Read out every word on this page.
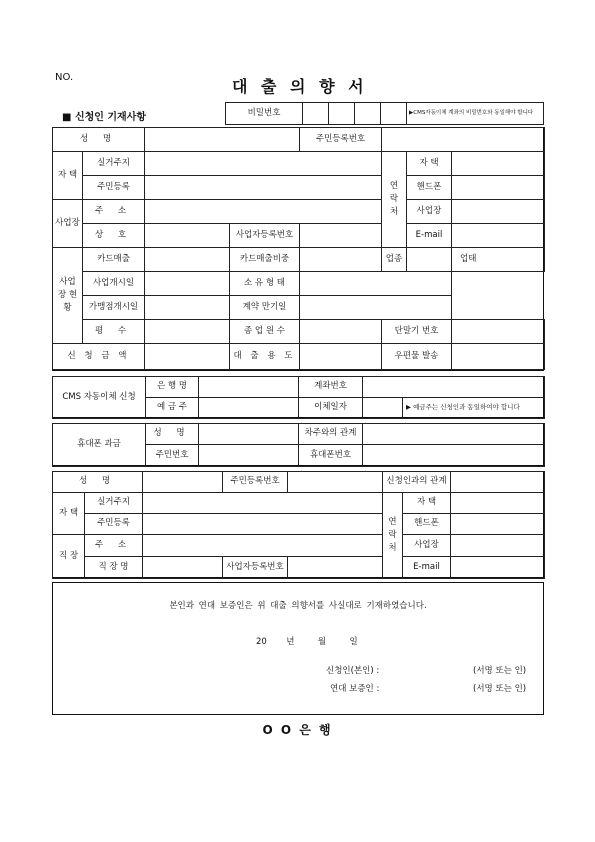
NO.	대 출 의 향 서
■ 신청인 기재사항	비밀번호					▶CMS자동이체 계좌의 비밀번호와 동일해야 합니다
성 명				주민등록번호			
자 택	실거주지				연락처	자 택	
	주민등록					핸드폰	
사업장	주 소					사업장	
	상 호		사업자등록번호			E-mail	
사업장 현 황	카드매출		카드매출비중		업종		업태
	사업개시일		소 유 형 태				
	가맹점개시일		계약 만기일				
	평 수		종 업 원 수		단말기 번호		
신 청 금 액			대 출 용 도		우편물 발송		
CMS 자동이체 신청	은 행 명		계좌번호		
	예 금 주		이체일자		▶ 예금주는 신청인과 동일하여야 합니다
휴대폰 과금	성 명		차주와의 관계	
	주민번호		휴대폰번호	
성 명			주민등록번호		신청인과의 관계		
자 택	실거주지				연락처	자 택	
	주민등록					핸드폰	
직 장	주 소					사업장	
	직 장 명		사업자등록번호			E-mail	
본인과 연대 보증인은 위 대출 의향서를 사실대로 기재하였습니다.
20 년	월	일
신청인(본인) :	(서명 또는 인)
연대 보증인 :	(서명 또는 인)
O O 은 행
